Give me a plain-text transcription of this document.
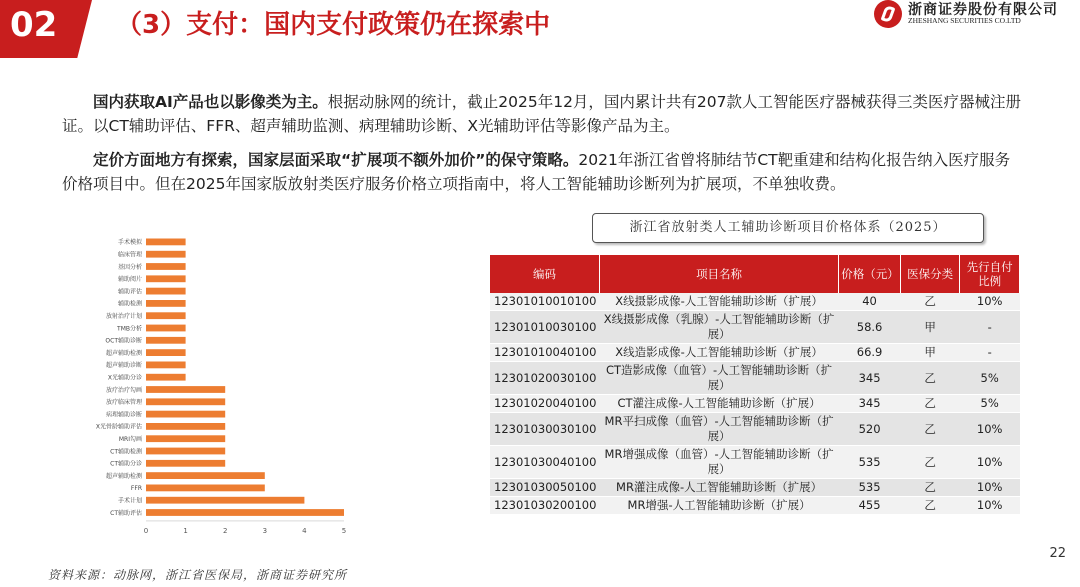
02 （3）支付：国内支付政策仍在探索中	浙商证券股份有限公司
ZHESHANG SECURITIES CO.LTD
国内获取AI产品也以影像类为主。根据动脉网的统计，截止2025年12月，国内累计共有207款人工智能医疗器械获得三类医疗器械注册证。以CT辅助评估、FFR、超声辅助监测、病理辅助诊断、X光辅助评估等影像产品为主。
定价方面地方有探索，国家层面采取“扩展项不额外加价”的保守策略。2021年浙江省曾将肺结节CT靶重建和结构化报告纳入医疗服务价格项目中。但在2025年国家版放射类医疗服务价格立项指南中，将人工智能辅助诊断列为扩展项，不单独收费。
手术模拟
临床管理
基因分析
辅助阅片
辅助评估
辅助检测
放射治疗计划
TMB分析
OCT辅助诊断
超声辅助检测
超声辅助诊断
X光辅助分诊
放疗治疗勾画
放疗临床管理
病理辅助诊断
X光骨龄辅助评估
MRI勾画
CT辅助检测
CT辅助分诊
超声辅助检测
FFR
手术计划
CT辅助评估
0	1	2	3	4	5
浙江省放射类人工辅助诊断项目价格体系（2025）
编码	项目名称	价格（元）	医保分类	先行自付比例
12301010010100	X线摄影成像-人工智能辅助诊断（扩展）	40	乙	10%
12301010030100	X线摄影成像（乳腺）-人工智能辅助诊断（扩展）	58.6	甲	-
12301010040100	X线造影成像-人工智能辅助诊断（扩展）	66.9	甲	-
12301020030100	CT造影成像（血管）-人工智能辅助诊断（扩展）	345	乙	5%
12301020040100	CT灌注成像-人工智能辅助诊断（扩展）	345	乙	5%
12301030030100	MR平扫成像（血管）-人工智能辅助诊断（扩展）	520	乙	10%
12301030040100	MR增强成像（血管）-人工智能辅助诊断（扩展）	535	乙	10%
12301030050100	MR灌注成像-人工智能辅助诊断（扩展）	535	乙	10%
12301030200100	MR增强-人工智能辅助诊断（扩展）	455	乙	10%
22
资料来源：动脉网，浙江省医保局，浙商证券研究所
